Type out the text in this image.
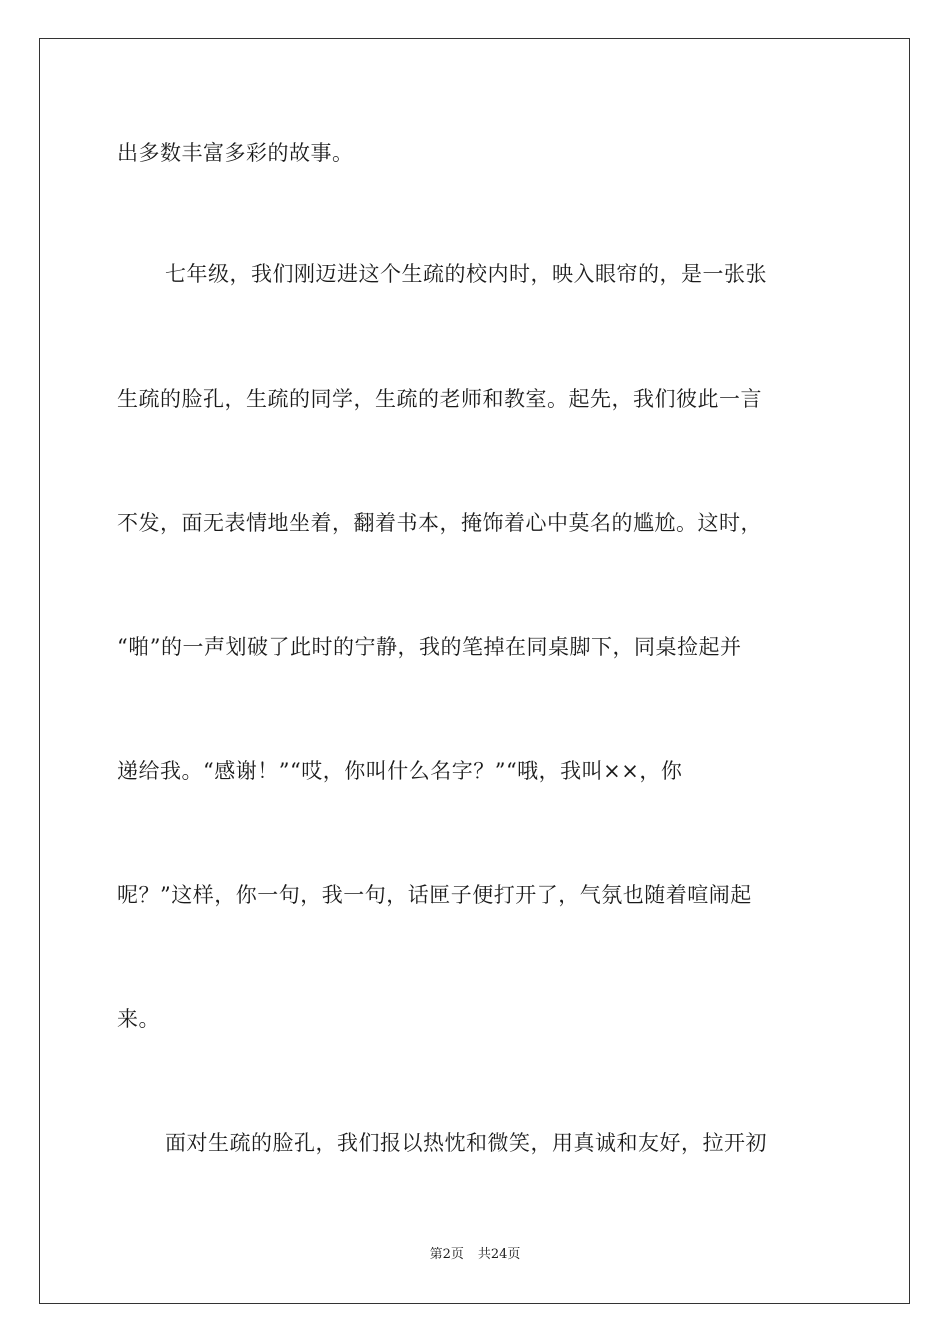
出多数丰富多彩的故事。
七年级，我们刚迈进这个生疏的校内时，映入眼帘的，是一张张
生疏的脸孔，生疏的同学，生疏的老师和教室。起先，我们彼此一言
不发，面无表情地坐着，翻着书本，掩饰着心中莫名的尴尬。这时，
“啪”的一声划破了此时的宁静，我的笔掉在同桌脚下，同桌捡起并
递给我。“感谢！”“哎，你叫什么名字？”“哦，我叫××，你
呢？”这样，你一句，我一句，话匣子便打开了，气氛也随着喧闹起
来。
面对生疏的脸孔，我们报以热忱和微笑，用真诚和友好，拉开初
第2页 共24页
